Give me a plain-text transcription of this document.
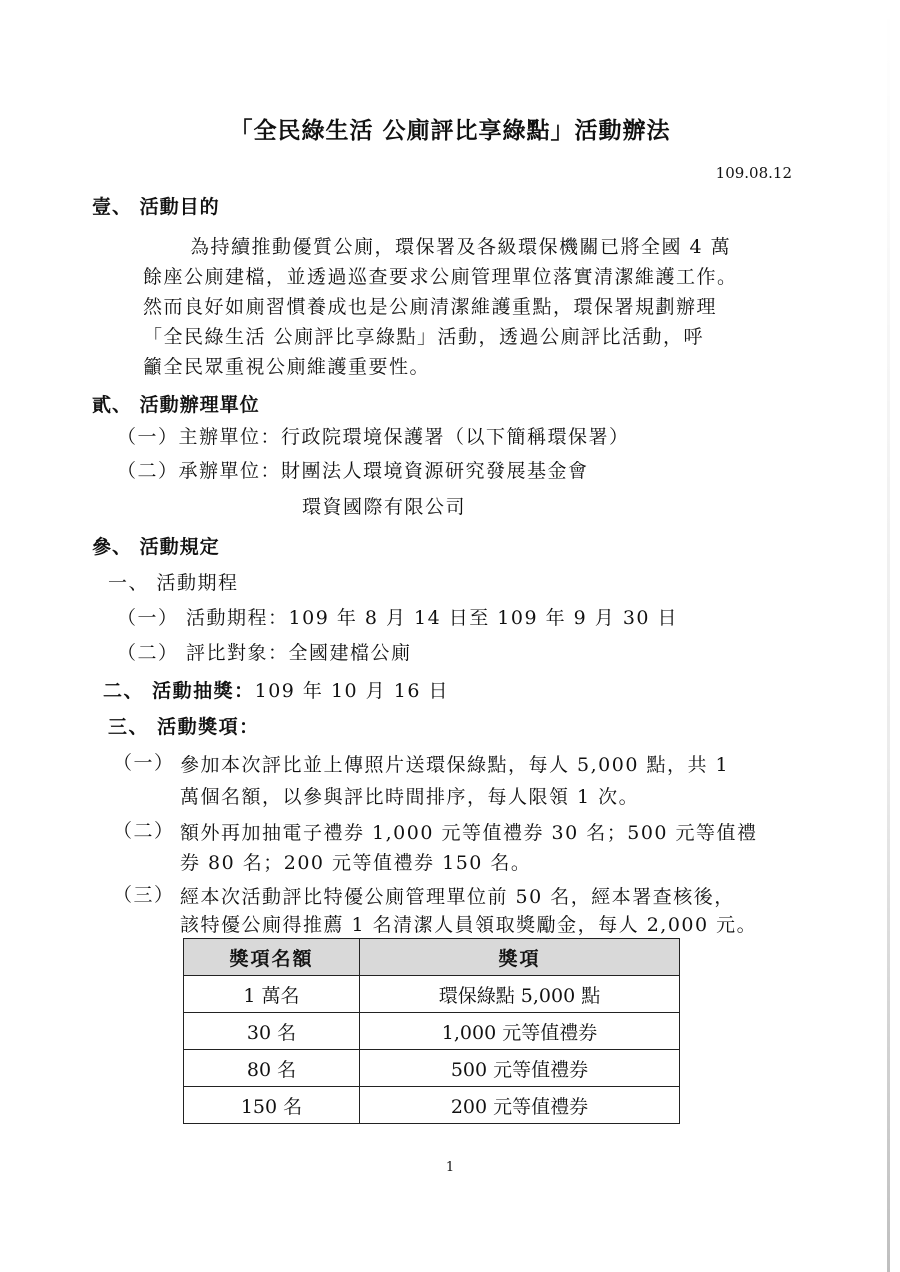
「全民綠生活 公廁評比享綠點」活動辦法
109.08.12
壹、 活動目的
為持續推動優質公廁，環保署及各級環保機關已將全國 4 萬
餘座公廁建檔，並透過巡查要求公廁管理單位落實清潔維護工作。
然而良好如廁習慣養成也是公廁清潔維護重點，環保署規劃辦理
「全民綠生活 公廁評比享綠點」活動，透過公廁評比活動，呼
籲全民眾重視公廁維護重要性。
貳、 活動辦理單位
（一）主辦單位：行政院環境保護署（以下簡稱環保署）
（二）承辦單位：財團法人環境資源研究發展基金會
環資國際有限公司
參、 活動規定
一、 活動期程
（一） 活動期程：109 年 8 月 14 日至 109 年 9 月 30 日
（二） 評比對象：全國建檔公廁
二、 活動抽獎：109 年 10 月 16 日
三、 活動獎項：
（一） 參加本次評比並上傳照片送環保綠點，每人 5,000 點，共 1
萬個名額，以參與評比時間排序，每人限領 1 次。
（二） 額外再加抽電子禮券 1,000 元等值禮券 30 名；500 元等值禮
券 80 名；200 元等值禮券 150 名。
（三） 經本次活動評比特優公廁管理單位前 50 名，經本署查核後，
該特優公廁得推薦 1 名清潔人員領取獎勵金，每人 2,000 元。
獎項名額	獎項
1 萬名	環保綠點 5,000 點
30 名	1,000 元等值禮券
80 名	500 元等值禮券
150 名	200 元等值禮券
1
